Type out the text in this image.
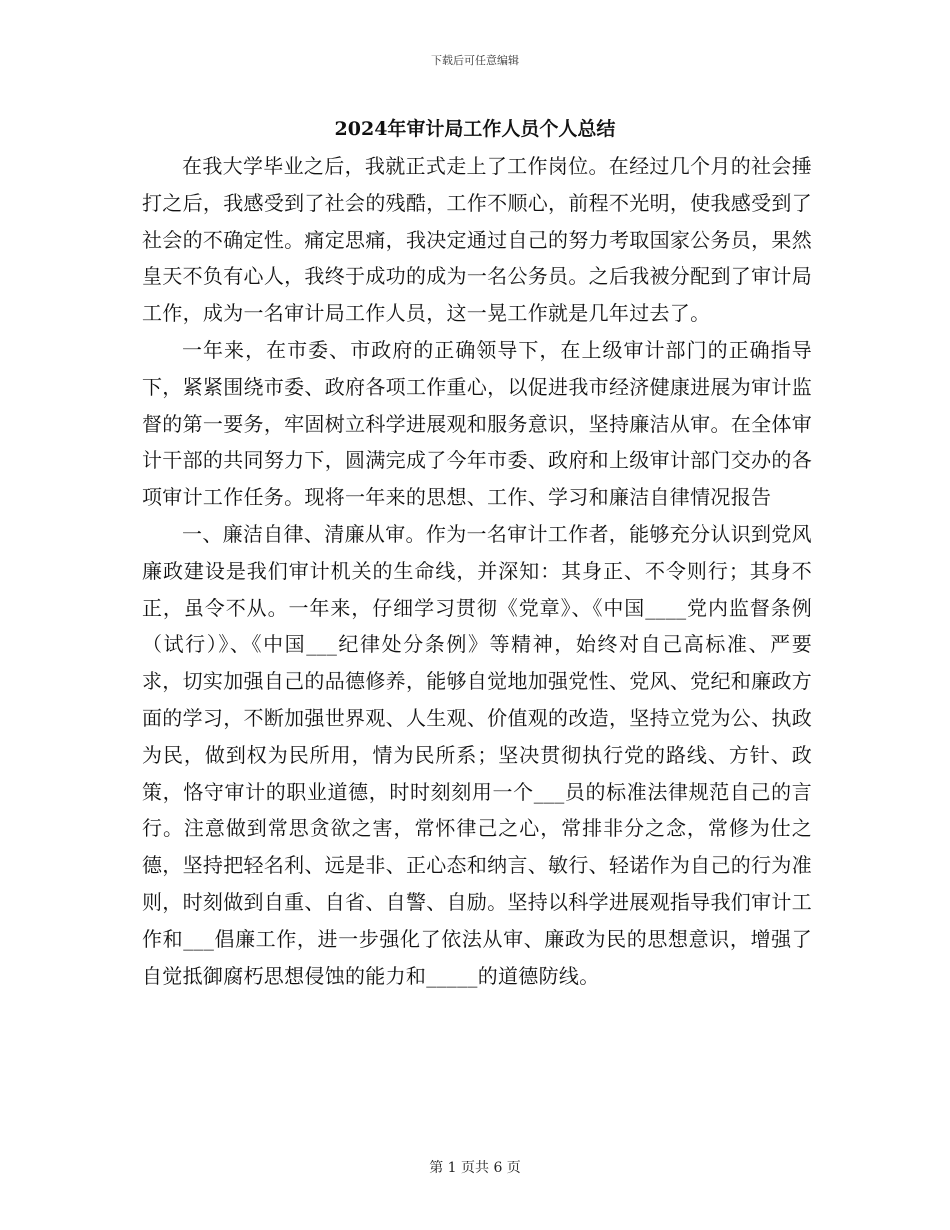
下载后可任意编辑
2024年审计局工作人员个人总结

在我大学毕业之后，我就正式走上了工作岗位。在经过几个月的社会捶打之后，我感受到了社会的残酷，工作不顺心，前程不光明，使我感受到了社会的不确定性。痛定思痛，我决定通过自己的努力考取国家公务员，果然皇天不负有心人，我终于成功的成为一名公务员。之后我被分配到了审计局工作，成为一名审计局工作人员，这一晃工作就是几年过去了。

一年来，在市委、市政府的正确领导下，在上级审计部门的正确指导下，紧紧围绕市委、政府各项工作重心，以促进我市经济健康进展为审计监督的第一要务，牢固树立科学进展观和服务意识，坚持廉洁从审。在全体审计干部的共同努力下，圆满完成了今年市委、政府和上级审计部门交办的各项审计工作任务。现将一年来的思想、工作、学习和廉洁自律情况报告

一、廉洁自律、清廉从审。作为一名审计工作者，能够充分认识到党风廉政建设是我们审计机关的生命线，并深知：其身正、不令则行；其身不正，虽令不从。一年来，仔细学习贯彻《党章》、《中国____党内监督条例（试行）》、《中国___纪律处分条例》等精神，始终对自己高标准、严要求，切实加强自己的品德修养，能够自觉地加强党性、党风、党纪和廉政方面的学习，不断加强世界观、人生观、价值观的改造，坚持立党为公、执政为民，做到权为民所用，情为民所系；坚决贯彻执行党的路线、方针、政策，恪守审计的职业道德，时时刻刻用一个___员的标准法律规范自己的言行。注意做到常思贪欲之害，常怀律己之心，常排非分之念，常修为仕之德，坚持把轻名利、远是非、正心态和纳言、敏行、轻诺作为自己的行为准则，时刻做到自重、自省、自警、自励。坚持以科学进展观指导我们审计工作和___倡廉工作，进一步强化了依法从审、廉政为民的思想意识，增强了自觉抵御腐朽思想侵蚀的能力和_____的道德防线。

第 1 页共 6 页
